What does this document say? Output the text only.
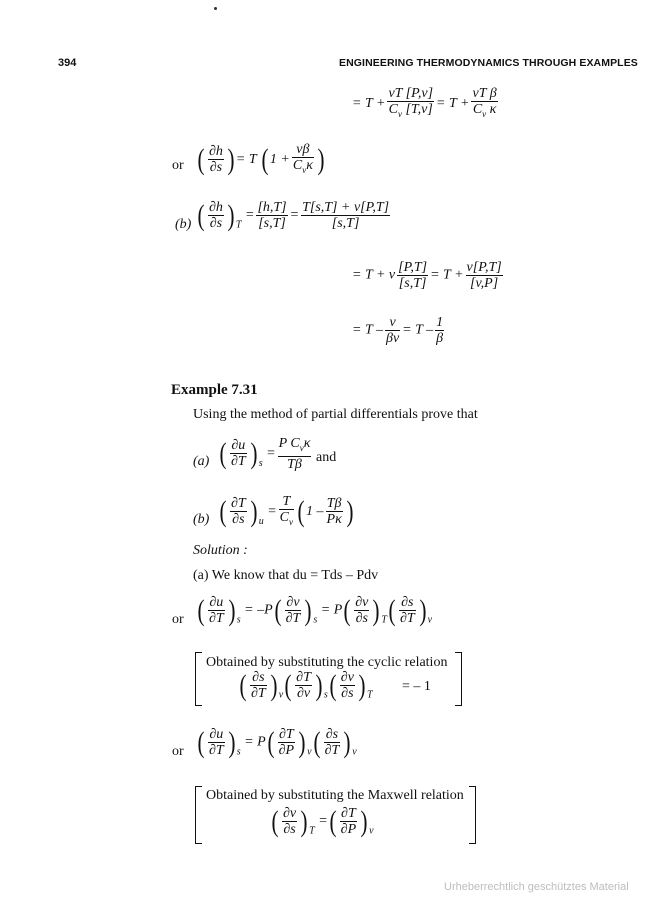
394	ENGINEERING THERMODYNAMICS THROUGH EXAMPLES
= $T + \frac{vT [P,v]}{C_v [T,v]} = T + \frac{\text{vT β}}{C_v \kappa}$
or ( $\frac{\partial h}{\partial s}$ ) = T ( $1 + \frac{v\beta}{C_v\kappa}$ )
(b) ( $\frac{\partial h}{\partial s}$ ) $_T = \frac{[h,T]}{[s,T]} = \frac{T[s,T] + v[P,T]}{[s,T]}$
= T + v $\frac{[P,T]}{[s,T]} = T + \frac{v[P,T]}{[v,P]}$
= $T - \frac{v}{\beta v} = T - \frac{1}{\beta}$
Example 7.31
Using the method of partial differentials prove that
(a) ( $\frac{\partial u}{\partial T}$ ) $_s = \frac{P C_v\kappa}{T\beta}$ and
(b) ( $\frac{\partial T}{\partial s}$ ) $_u = \frac{T}{C_v}$ ( $1 - \frac{T\beta}{P\kappa}$ )
Solution :
(a) We know that du = Tds – Pdv
or ( $\frac{\partial u}{\partial T}$ ) $_s = -P( \frac{\partial v}{\partial T}$ ) $_s = P( \frac{\partial v}{\partial s}$ ) $_T( \frac{\partial s}{\partial T}$ ) $_v$
Obtained by substituting the cyclic relation
( $\frac{\partial s}{\partial T}$ ) $_v( \frac{\partial T}{\partial v}$ ) $_s( \frac{\partial v}{\partial s}$ ) $_T$
= – 1
or ( $\frac{\partial u}{\partial T}$ ) $_s = P( \frac{\partial T}{\partial P}$ ) $_v( \frac{\partial s}{\partial T}$ ) $_v$
Obtained by substituting the Maxwell relation
( $\frac{\partial v}{\partial s}$ ) $_T$ =( $\frac{\partial T}{\partial P}$ ) $_v$
Urheberrechtlich geschütztes Material
